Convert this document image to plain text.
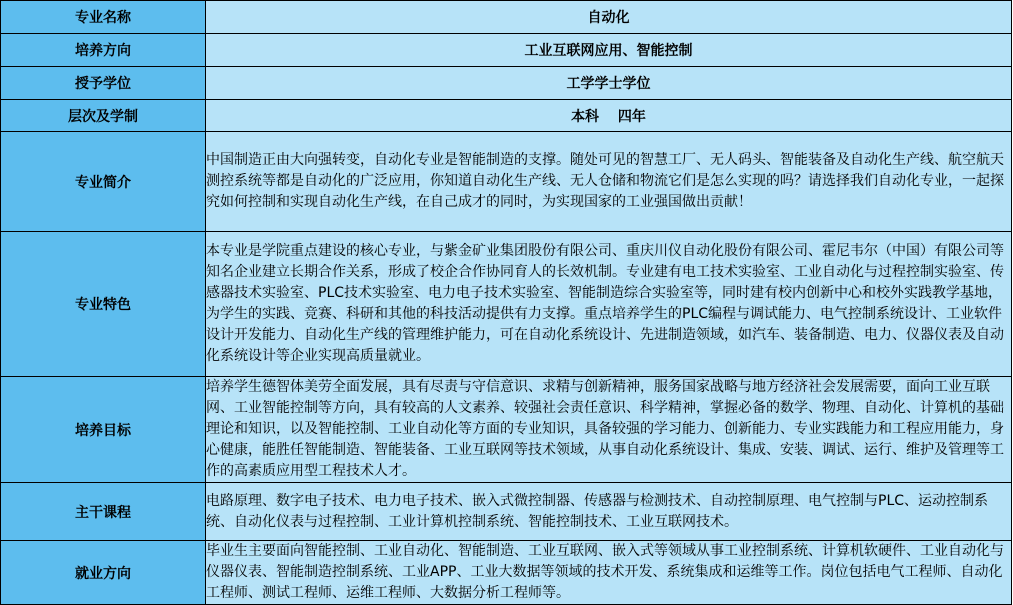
专业名称	自动化
培养方向	工业互联网应用、智能控制
授予学位	工学学士学位
层次及学制	本科　 四年
专业简介	中国制造正由大向强转变，自动化专业是智能制造的支撑。随处可见的智慧工厂、无人码头、智能装备及自动化生产线、航空航天测控系统等都是自动化的广泛应用，你知道自动化生产线、无人仓储和物流它们是怎么实现的吗？请选择我们自动化专业，一起探究如何控制和实现自动化生产线，在自己成才的同时，为实现国家的工业强国做出贡献！
专业特色	本专业是学院重点建设的核心专业，与紫金矿业集团股份有限公司、重庆川仪自动化股份有限公司、霍尼韦尔（中国）有限公司等知名企业建立长期合作关系，形成了校企合作协同育人的长效机制。专业建有电工技术实验室、工业自动化与过程控制实验室、传感器技术实验室、PLC技术实验室、电力电子技术实验室、智能制造综合实验室等，同时建有校内创新中心和校外实践教学基地，为学生的实践、竞赛、科研和其他的科技活动提供有力支撑。重点培养学生的PLC编程与调试能力、电气控制系统设计、工业软件设计开发能力、自动化生产线的管理维护能力，可在自动化系统设计、先进制造领域，如汽车、装备制造、电力、仪器仪表及自动化系统设计等企业实现高质量就业。
培养目标	培养学生德智体美劳全面发展，具有尽责与守信意识、求精与创新精神，服务国家战略与地方经济社会发展需要，面向工业互联网、工业智能控制等方向，具有较高的人文素养、较强社会责任意识、科学精神，掌握必备的数学、物理、自动化、计算机的基础理论和知识，以及智能控制、工业自动化等方面的专业知识，具备较强的学习能力、创新能力、专业实践能力和工程应用能力，身心健康，能胜任智能制造、智能装备、工业互联网等技术领域，从事自动化系统设计、集成、安装、调试、运行、维护及管理等工作的高素质应用型工程技术人才。
主干课程	电路原理、数字电子技术、电力电子技术、嵌入式微控制器、传感器与检测技术、自动控制原理、电气控制与PLC、运动控制系统、自动化仪表与过程控制、工业计算机控制系统、智能控制技术、工业互联网技术。
就业方向	毕业生主要面向智能控制、工业自动化、智能制造、工业互联网、嵌入式等领域从事工业控制系统、计算机软硬件、工业自动化与仪器仪表、智能制造控制系统、工业APP、工业大数据等领域的技术开发、系统集成和运维等工作。岗位包括电气工程师、自动化工程师、测试工程师、运维工程师、大数据分析工程师等。
